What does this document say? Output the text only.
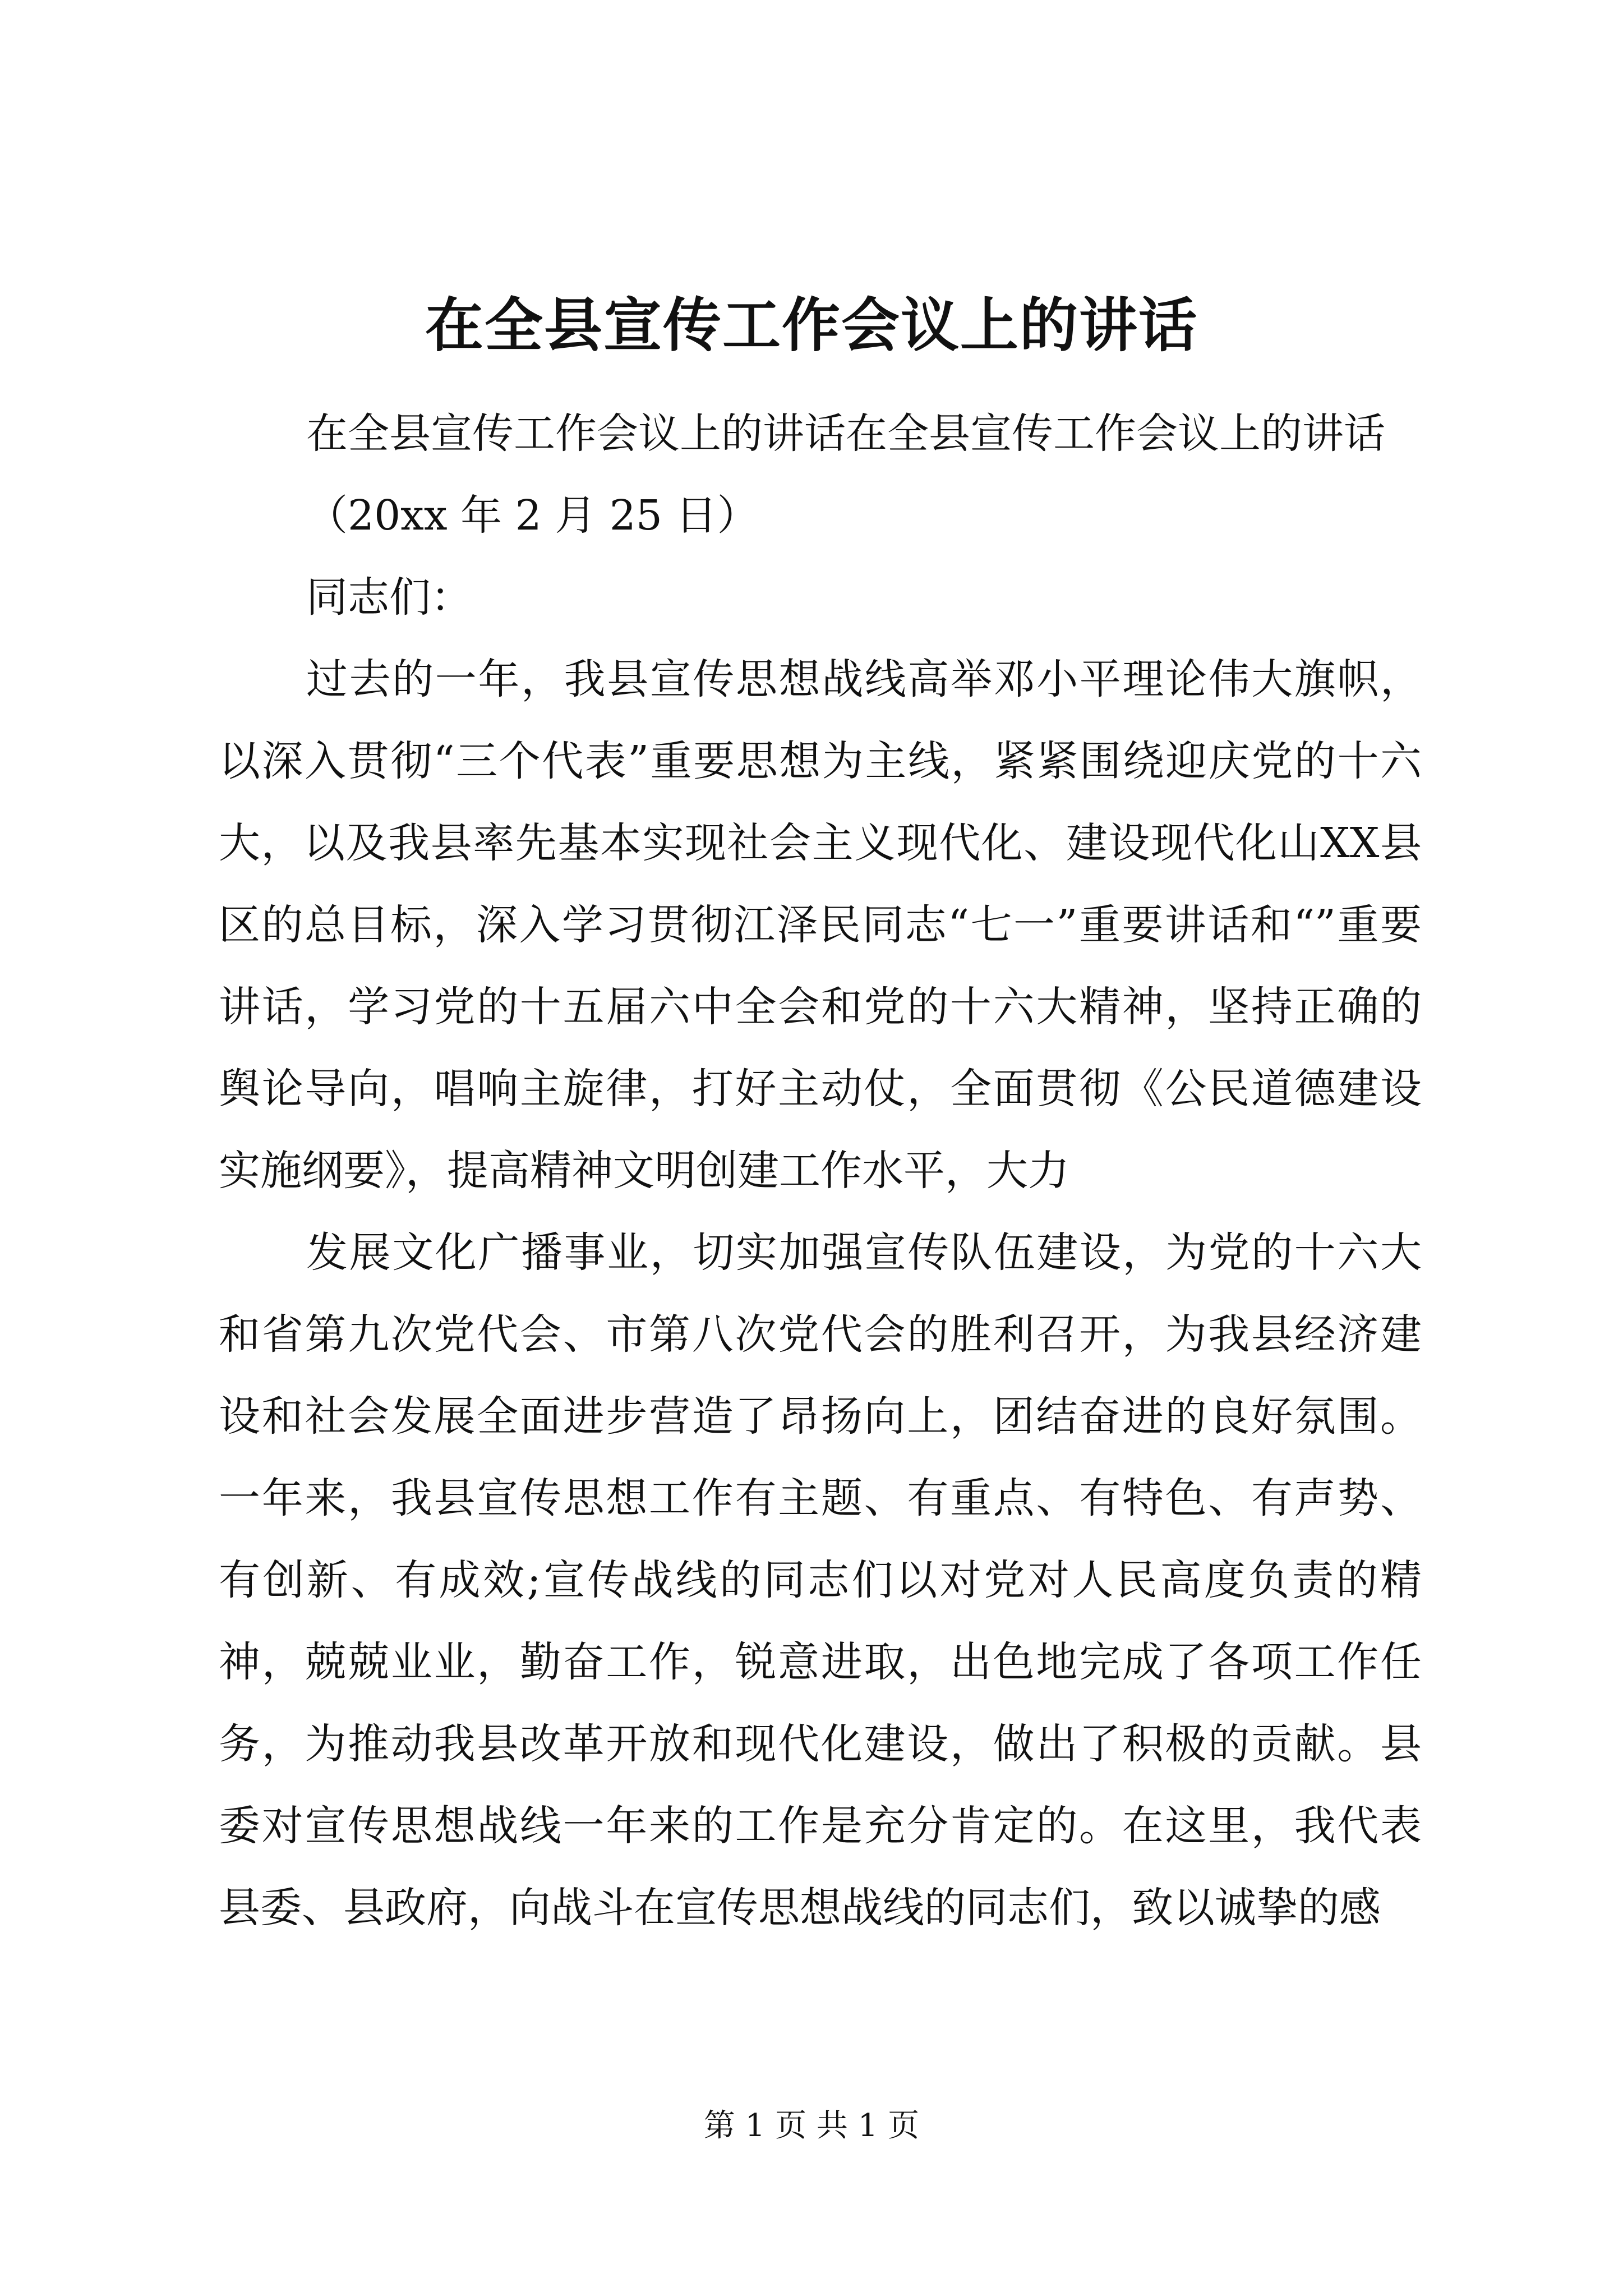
在全县宣传工作会议上的讲话

在全县宣传工作会议上的讲话在全县宣传工作会议上的讲话

（20xx 年 2 月 25 日）

同志们：

过去的一年，我县宣传思想战线高举邓小平理论伟大旗帜，以深入贯彻“三个代表”重要思想为主线，紧紧围绕迎庆党的十六大，以及我县率先基本实现社会主义现代化、建设现代化山XX县区的总目标，深入学习贯彻江泽民同志“七一”重要讲话和“”重要讲话，学习党的十五届六中全会和党的十六大精神，坚持正确的舆论导向，唱响主旋律，打好主动仗，全面贯彻《公民道德建设实施纲要》，提高精神文明创建工作水平，大力

发展文化广播事业，切实加强宣传队伍建设，为党的十六大和省第九次党代会、市第八次党代会的胜利召开，为我县经济建设和社会发展全面进步营造了昂扬向上，团结奋进的良好氛围。一年来，我县宣传思想工作有主题、有重点、有特色、有声势、有创新、有成效;宣传战线的同志们以对党对人民高度负责的精神，兢兢业业，勤奋工作，锐意进取，出色地完成了各项工作任务，为推动我县改革开放和现代化建设，做出了积极的贡献。县委对宣传思想战线一年来的工作是充分肯定的。在这里，我代表县委、县政府，向战斗在宣传思想战线的同志们，致以诚挚的感

第 1 页 共 1 页
